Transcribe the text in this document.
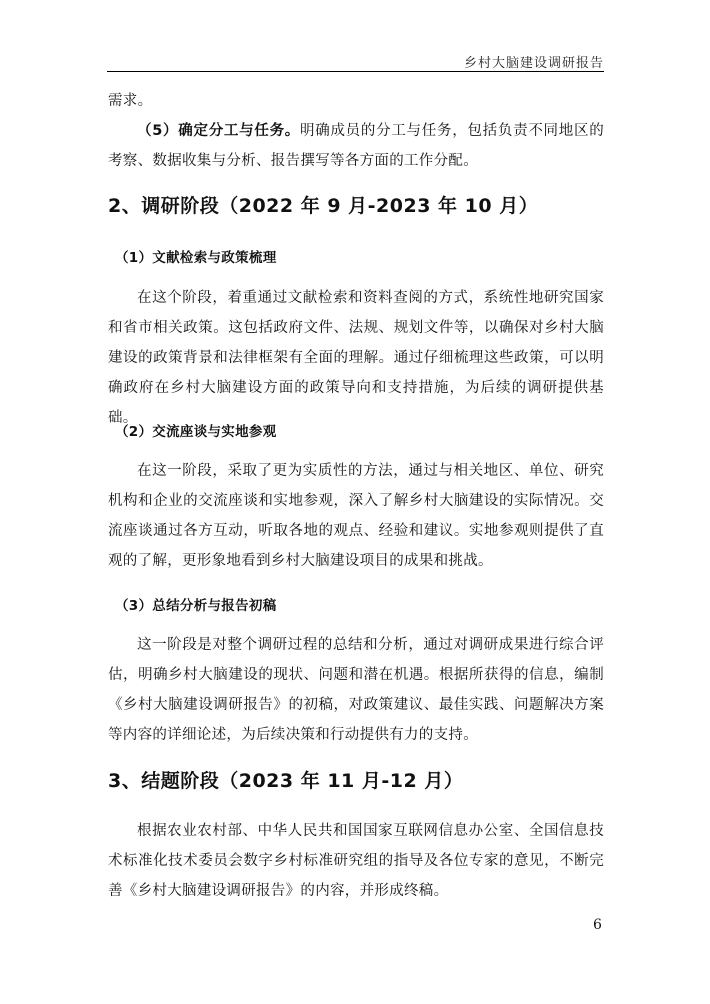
乡村大脑建设调研报告

需求。

（5）确定分工与任务。明确成员的分工与任务，包括负责不同地区的考察、数据收集与分析、报告撰写等各方面的工作分配。

2、调研阶段（2022 年 9 月-2023 年 10 月）
（1）文献检索与政策梳理

在这个阶段，着重通过文献检索和资料查阅的方式，系统性地研究国家和省市相关政策。这包括政府文件、法规、规划文件等，以确保对乡村大脑建设的政策背景和法律框架有全面的理解。通过仔细梳理这些政策，可以明确政府在乡村大脑建设方面的政策导向和支持措施，为后续的调研提供基础。

（2）交流座谈与实地参观

在这一阶段，采取了更为实质性的方法，通过与相关地区、单位、研究机构和企业的交流座谈和实地参观，深入了解乡村大脑建设的实际情况。交流座谈通过各方互动，听取各地的观点、经验和建议。实地参观则提供了直观的了解，更形象地看到乡村大脑建设项目的成果和挑战。

（3）总结分析与报告初稿

这一阶段是对整个调研过程的总结和分析，通过对调研成果进行综合评估，明确乡村大脑建设的现状、问题和潜在机遇。根据所获得的信息，编制《乡村大脑建设调研报告》的初稿，对政策建议、最佳实践、问题解决方案等内容的详细论述，为后续决策和行动提供有力的支持。

3、结题阶段（2023 年 11 月-12 月）

根据农业农村部、中华人民共和国国家互联网信息办公室、全国信息技术标准化技术委员会数字乡村标准研究组的指导及各位专家的意见，不断完善《乡村大脑建设调研报告》的内容，并形成终稿。

6
